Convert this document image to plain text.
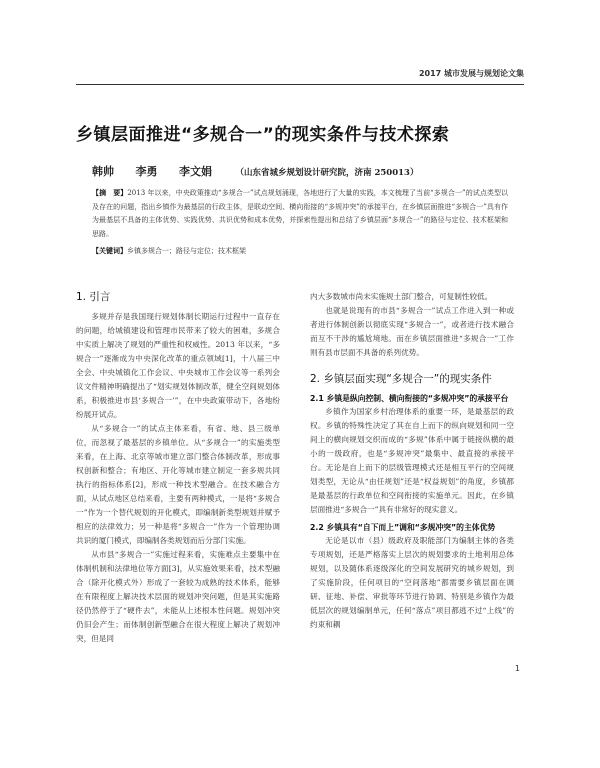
2017 城市发展与规划论文集
乡镇层面推进“多规合一”的现实条件与技术探索
韩帅 李勇 李文娟	（山东省城乡规划设计研究院，济南 250013）
【摘　要】2013 年以来，中央政策推动“多规合一”试点规划涌现，各地进行了大量的实践，本文梳理了当前“多规合一”的试点类型以及存在的问题，指出乡镇作为最基层的行政主体，是联动空间、横向衔接的“多规冲突”的承接平台，在乡镇层面推进“多规合一”具有作为最基层不具备的主体优势、实践优势、共识优势和成本优势，并探索性提出和总结了乡镇层面“多规合一”的路径与定位、技术框架和思路。
【关键词】乡镇多规合一；路径与定位；技术框架
1. 引言

多规并存是我国现行规划体制长期运行过程中一直存在的问题，给城镇建设和管理市民带来了较大的困难，多规合中实质上解决了规划的严重性和权威性。2013 年以来，“多规合一”逐渐成为中央深化改革的重点领域[1]，十八届三中全会、中央城镇化工作会议、中央城市工作会议等一系列会议文件精神明确提出了“划实规划体制改革，健全空间规划体系，积极推进市县‘多规合一’”，在中央政策带动下，各地纷纷展开试点。

从“多规合一”的试点主体来看，有省、地、县三级单位，而忽视了最基层的乡镇单位。从“多规合一”的实施类型来看，在上海、北京等城市建立部门整合体制改革，形成事权创新和整合；有地区、开化等城市建立制定一套多规共同执行的指标体系[2]，形成一种技术型融合。在技术融合方面，从试点地区总结来看，主要有两种模式，一是将“多规合一”作为一个替代规划的开化模式，即编制新类型规划并赋予相应的法律效力；另一种是将“多规合一”作为一个管理协调共识的厦门模式，即编制各类规划而后分部门实施。

从市县“多规合一”实施过程来看，实施难点主要集中在体制机制和法律地位等方面[3]，从实施效果来看，技术型融合（除开化模式外）形成了一套较为成熟的技术体系，能够在有限程度上解决技术层面的规划冲突问题，但是其实施路径仍然停于了“硬件去”，未能从上述根本性问题。规划冲突仍旧会产生；而体制创新型融合在很大程度上解决了规划冲突，但是同

内大多数城市尚未实施规土部门整合，可复制性较低。

也就是说现有的市县“多规合一”试点工作进入到一种或者进行体制创新以彻底实现“多规合一”，或者进行技术融合而互不干涉的尴尬境地。而在乡镇层面推进“多规合一”工作则有县市层面不具备的系列优势。

2. 乡镇层面实现“多规合一”的现实条件
2.1 乡镇是纵向控制、横向衔接的“多规冲突”的承接平台

乡镇作为国家乡村治理体系的重要一环，是最基层的政权。乡镇的特殊性决定了其在自上而下的纵向规划和同一空间上的横向规划交织而成的“多规”体系中属于链接纵横的最小的一级政府，也是“多规冲突”最集中、最直接的承接平台。无论是自上而下的层级管理模式还是相互平行的空间规划类型，无论从“由任规划”还是“权益规划”的角度，乡镇都是最基层的行政单位和空间衔接的实施单元。因此，在乡镇层面推进“多规合一”具有非常好的现实意义。

2.2 乡镇具有“自下而上”调和“多规冲突”的主体优势

无论是以市（县）级政府及职能部门为编制主体的各类专项规划，还是严格落实上层次的规划要求的土地利用总体规划，以及随体系逐级深化的空间发展研究的城乡规划，到了实施阶段，任何项目的“空间落地”都需要乡镇层面在调研、征地、补偿、审批等环节进行协调、特别是乡镇作为最低层次的规划编制单元，任何“落点”项目都逃不过“上线”的约束和耦

1
